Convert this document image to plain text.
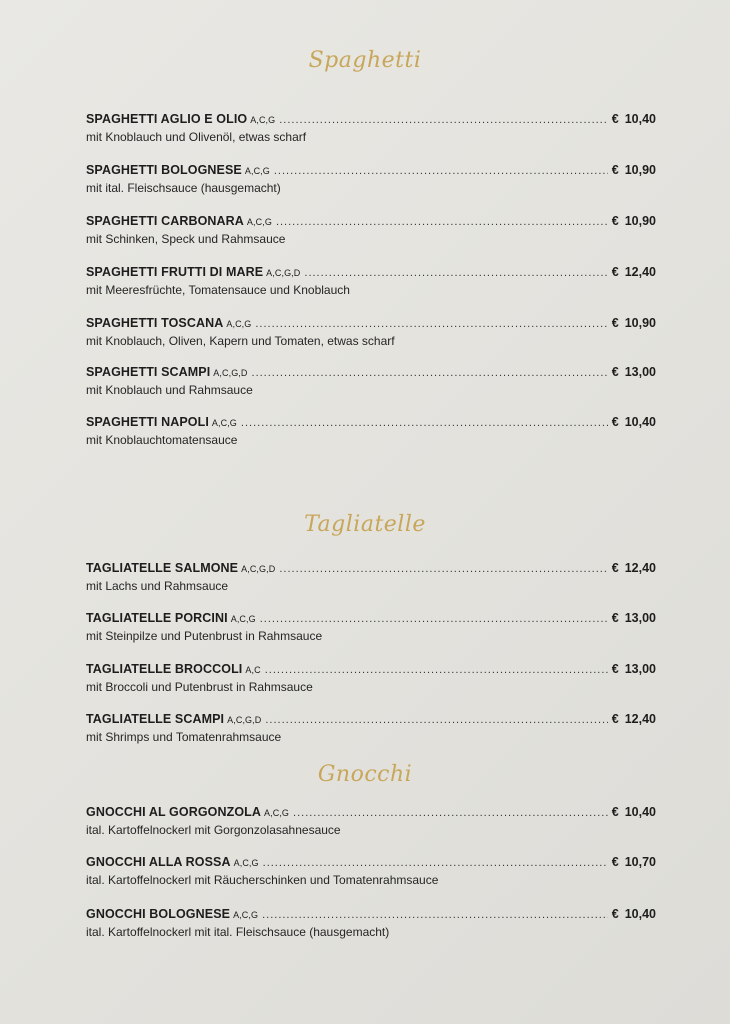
Spaghetti
SPAGHETTI AGLIO E OLIO A,C,G .....	€ 10,40
mit Knoblauch und Olivenöl, etwas scharf
SPAGHETTI BOLOGNESE A,C,G .....	€ 10,90
mit ital. Fleischsauce (hausgemacht)
SPAGHETTI CARBONARA A,C,G .....	€ 10,90
mit Schinken, Speck und Rahmsauce
SPAGHETTI FRUTTI DI MARE A,C,G,D .....	€ 12,40
mit Meeresfrüchte, Tomatensauce und Knoblauch
SPAGHETTI TOSCANA A,C,G .....	€ 10,90
mit Knoblauch, Oliven, Kapern und Tomaten, etwas scharf
SPAGHETTI SCAMPI A,C,G,D .....	€ 13,00
mit Knoblauch und Rahmsauce
SPAGHETTI NAPOLI A,C,G .....	€ 10,40
mit Knoblauchtomatensauce
Tagliatelle
TAGLIATELLE SALMONE A,C,G,D .....	€ 12,40
mit Lachs und Rahmsauce
TAGLIATELLE PORCINI A,C,G .....	€ 13,00
mit Steinpilze und Putenbrust in Rahmsauce
TAGLIATELLE BROCCOLI A,C .....	€ 13,00
mit Broccoli und Putenbrust in Rahmsauce
TAGLIATELLE SCAMPI A,C,G,D .....	€ 12,40
mit Shrimps und Tomatenrahmsauce
Gnocchi
GNOCCHI AL GORGONZOLA A,C,G .....	€ 10,40
ital. Kartoffelnockerl mit Gorgonzolasahnesauce
GNOCCHI ALLA ROSSA A,C,G .....	€ 10,70
ital. Kartoffelnockerl mit Räucherschinken und Tomatenrahmsauce
GNOCCHI BOLOGNESE A,C,G .....	€ 10,40
ital. Kartoffelnockerl mit ital. Fleischsauce (hausgemacht)
